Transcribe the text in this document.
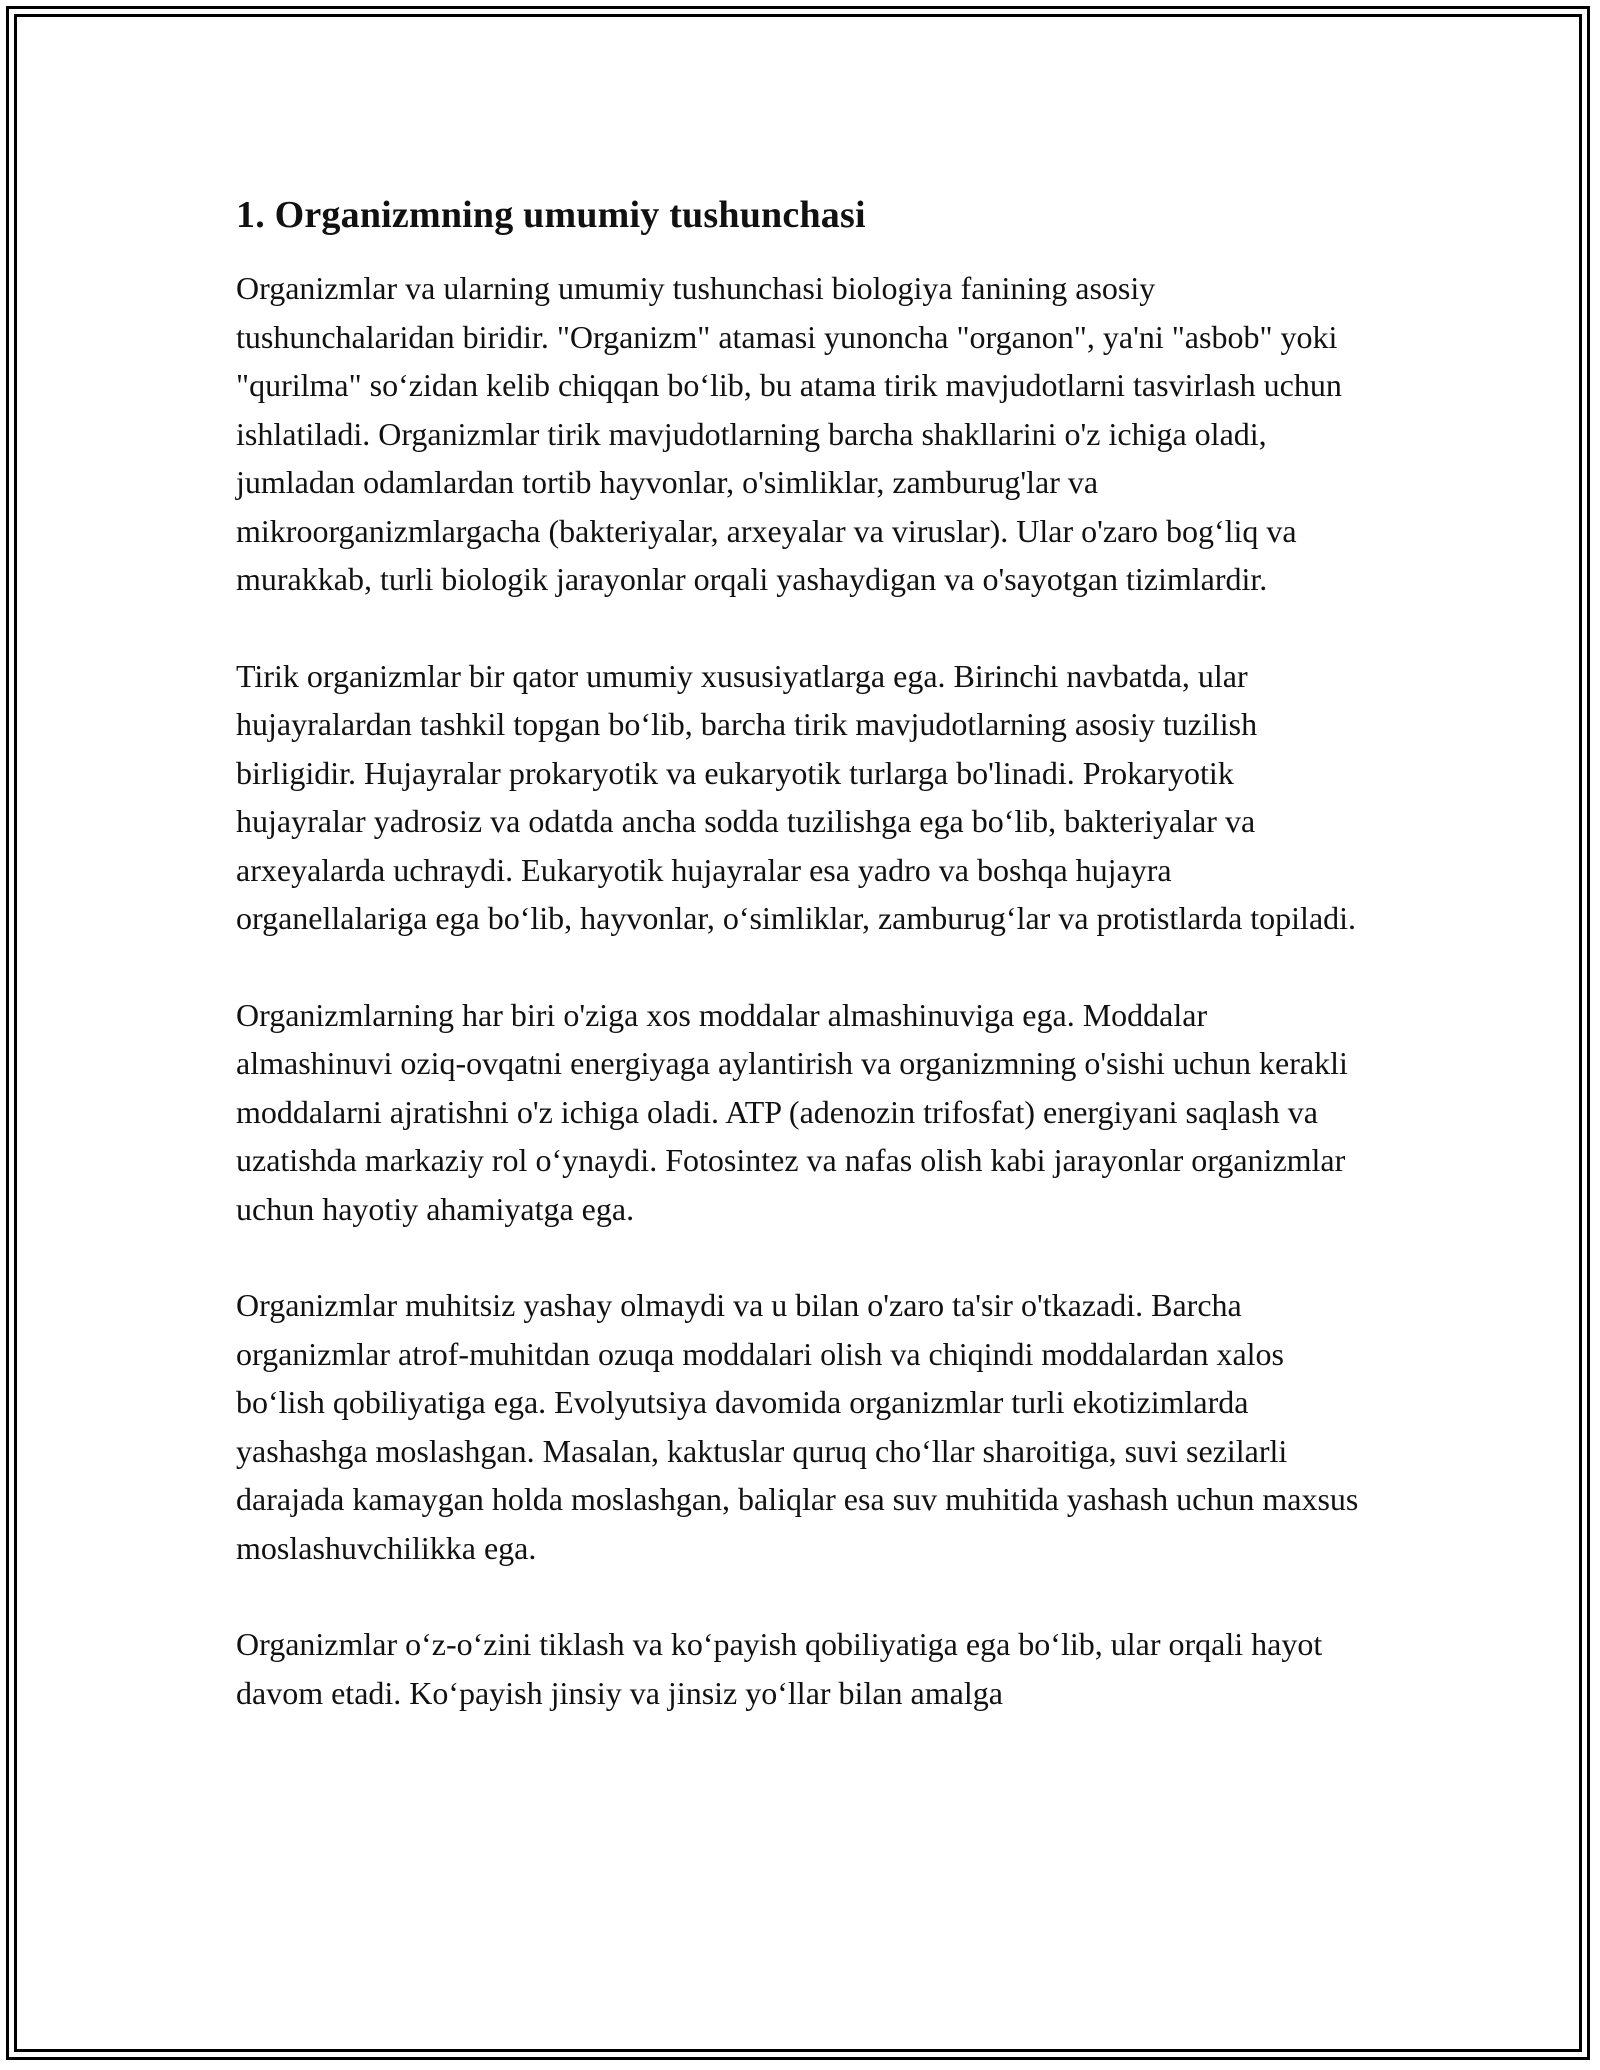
1. Organizmning umumiy tushunchasi

Organizmlar va ularning umumiy tushunchasi biologiya fanining asosiy tushunchalaridan biridir. "Organizm" atamasi yunoncha "organon", ya'ni "asbob" yoki "qurilma" so‘zidan kelib chiqqan bo‘lib, bu atama tirik mavjudotlarni tasvirlash uchun ishlatiladi. Organizmlar tirik mavjudotlarning barcha shakllarini o'z ichiga oladi, jumladan odamlardan tortib hayvonlar, o'simliklar, zamburug'lar va mikroorganizmlargacha (bakteriyalar, arxeyalar va viruslar). Ular o'zaro bog‘liq va murakkab, turli biologik jarayonlar orqali yashaydigan va o'sayotgan tizimlardir.

Tirik organizmlar bir qator umumiy xususiyatlarga ega. Birinchi navbatda, ular hujayralardan tashkil topgan bo‘lib, barcha tirik mavjudotlarning asosiy tuzilish birligidir. Hujayralar prokaryotik va eukaryotik turlarga bo'linadi. Prokaryotik hujayralar yadrosiz va odatda ancha sodda tuzilishga ega bo‘lib, bakteriyalar va arxeyalarda uchraydi. Eukaryotik hujayralar esa yadro va boshqa hujayra organellalariga ega bo‘lib, hayvonlar, o‘simliklar, zamburug‘lar va protistlarda topiladi.

Organizmlarning har biri o'ziga xos moddalar almashinuviga ega. Moddalar almashinuvi oziq-ovqatni energiyaga aylantirish va organizmning o'sishi uchun kerakli moddalarni ajratishni o'z ichiga oladi. ATP (adenozin trifosfat) energiyani saqlash va uzatishda markaziy rol o‘ynaydi. Fotosintez va nafas olish kabi jarayonlar organizmlar uchun hayotiy ahamiyatga ega.

Organizmlar muhitsiz yashay olmaydi va u bilan o'zaro ta'sir o'tkazadi. Barcha organizmlar atrof-muhitdan ozuqa moddalari olish va chiqindi moddalardan xalos bo‘lish qobiliyatiga ega. Evolyutsiya davomida organizmlar turli ekotizimlarda yashashga moslashgan. Masalan, kaktuslar quruq cho‘llar sharoitiga, suvi sezilarli darajada kamaygan holda moslashgan, baliqlar esa suv muhitida yashash uchun maxsus moslashuvchilikka ega.

Organizmlar o‘z-o‘zini tiklash va ko‘payish qobiliyatiga ega bo‘lib, ular orqali hayot davom etadi. Ko‘payish jinsiy va jinsiz yo‘llar bilan amalga
